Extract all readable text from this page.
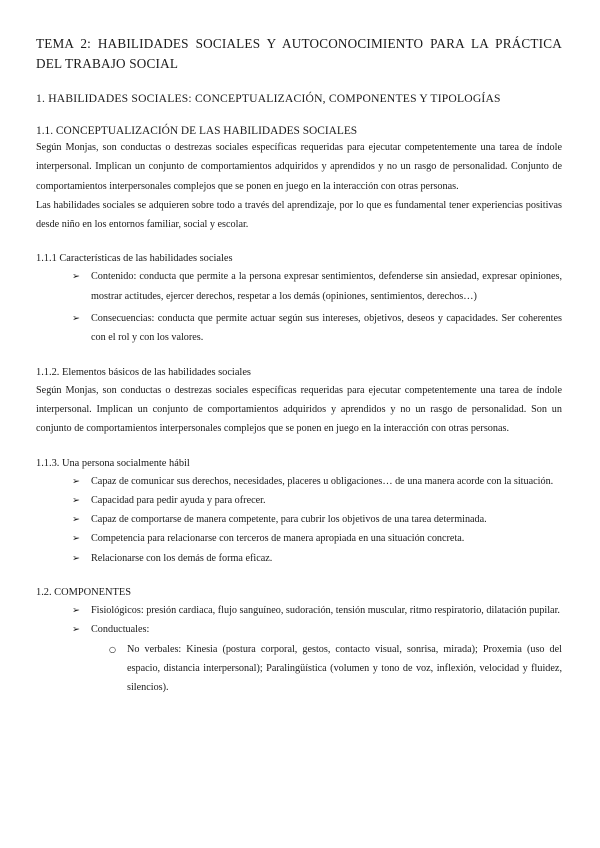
TEMA 2: HABILIDADES SOCIALES Y AUTOCONOCIMIENTO PARA LA PRÁCTICA DEL TRABAJO SOCIAL

1. HABILIDADES SOCIALES: CONCEPTUALIZACIÓN, COMPONENTES Y TIPOLOGÍAS
1.1. CONCEPTUALIZACIÓN DE LAS HABILIDADES SOCIALES

Según Monjas, son conductas o destrezas sociales específicas requeridas para ejecutar competentemente una tarea de índole interpersonal. Implican un conjunto de comportamientos adquiridos y aprendidos y no un rasgo de personalidad. Conjunto de comportamientos interpersonales complejos que se ponen en juego en la interacción con otras personas.

Las habilidades sociales se adquieren sobre todo a través del aprendizaje, por lo que es fundamental tener experiencias positivas desde niño en los entornos familiar, social y escolar.

1.1.1 Características de las habilidades sociales
➢ Contenido: conducta que permite a la persona expresar sentimientos, defenderse sin ansiedad, expresar opiniones, mostrar actitudes, ejercer derechos, respetar a los demás (opiniones, sentimientos, derechos…)
➢ Consecuencias: conducta que permite actuar según sus intereses, objetivos, deseos y capacidades. Ser coherentes con el rol y con los valores.
1.1.2. Elementos básicos de las habilidades sociales

Según Monjas, son conductas o destrezas sociales específicas requeridas para ejecutar competentemente una tarea de índole interpersonal. Implican un conjunto de comportamientos adquiridos y aprendidos y no un rasgo de personalidad. Son un conjunto de comportamientos interpersonales complejos que se ponen en juego en la interacción con otras personas.

1.1.3. Una persona socialmente hábil
➢ Capaz de comunicar sus derechos, necesidades, placeres u obligaciones… de una manera acorde con la situación.
➢ Capacidad para pedir ayuda y para ofrecer.
➢ Capaz de comportarse de manera competente, para cubrir los objetivos de una tarea determinada.
➢ Competencia para relacionarse con terceros de manera apropiada en una situación concreta.
➢ Relacionarse con los demás de forma eficaz.
1.2. COMPONENTES
➢ Fisiológicos: presión cardiaca, flujo sanguíneo, sudoración, tensión muscular, ritmo respiratorio, dilatación pupilar.
➢ Conductuales:
○ No verbales: Kinesia (postura corporal, gestos, contacto visual, sonrisa, mirada); Proxemia (uso del espacio, distancia interpersonal); Paralingüística (volumen y tono de voz, inflexión, velocidad y fluidez, silencios).
